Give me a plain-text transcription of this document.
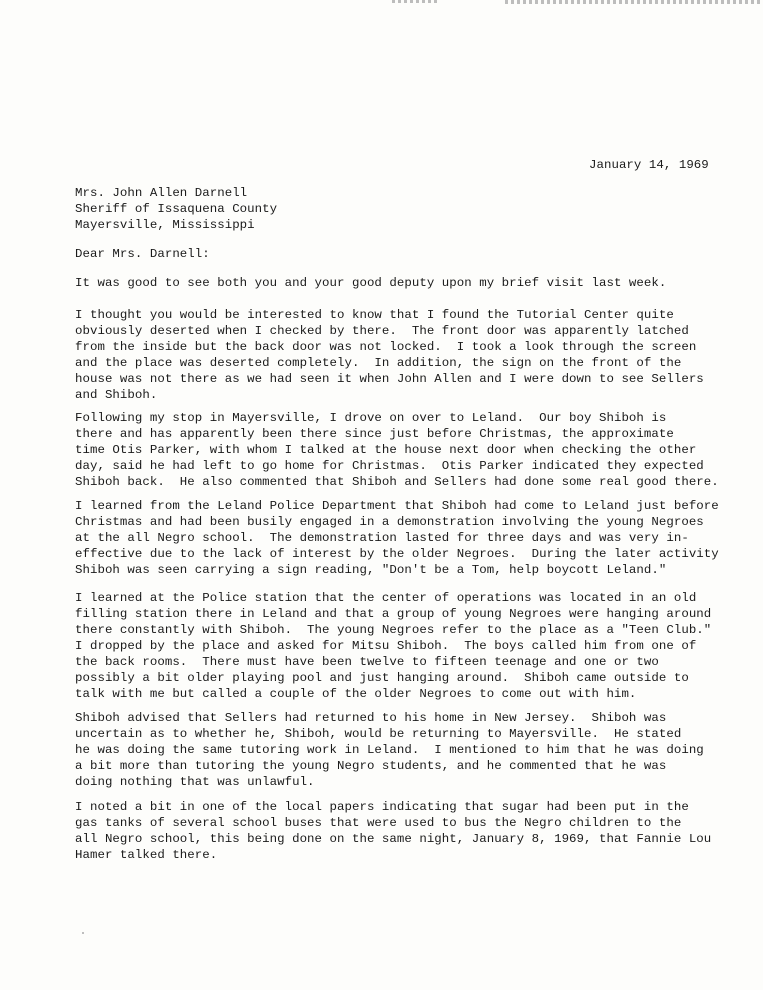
January 14, 1969
Mrs. John Allen Darnell
Sheriff of Issaquena County
Mayersville, Mississippi
Dear Mrs. Darnell:
It was good to see both you and your good deputy upon my brief visit last week.
I thought you would be interested to know that I found the Tutorial Center quite
obviously deserted when I checked by there.  The front door was apparently latched
from the inside but the back door was not locked.  I took a look through the screen
and the place was deserted completely.  In addition, the sign on the front of the
house was not there as we had seen it when John Allen and I were down to see Sellers
and Shiboh.
Following my stop in Mayersville, I drove on over to Leland.  Our boy Shiboh is
there and has apparently been there since just before Christmas, the approximate
time Otis Parker, with whom I talked at the house next door when checking the other
day, said he had left to go home for Christmas.  Otis Parker indicated they expected
Shiboh back.  He also commented that Shiboh and Sellers had done some real good there.
I learned from the Leland Police Department that Shiboh had come to Leland just before
Christmas and had been busily engaged in a demonstration involving the young Negroes
at the all Negro school.  The demonstration lasted for three days and was very in-
effective due to the lack of interest by the older Negroes.  During the later activity
Shiboh was seen carrying a sign reading, "Don't be a Tom, help boycott Leland."
I learned at the Police station that the center of operations was located in an old
filling station there in Leland and that a group of young Negroes were hanging around
there constantly with Shiboh.  The young Negroes refer to the place as a "Teen Club."
I dropped by the place and asked for Mitsu Shiboh.  The boys called him from one of
the back rooms.  There must have been twelve to fifteen teenage and one or two
possibly a bit older playing pool and just hanging around.  Shiboh came outside to
talk with me but called a couple of the older Negroes to come out with him.
Shiboh advised that Sellers had returned to his home in New Jersey.  Shiboh was
uncertain as to whether he, Shiboh, would be returning to Mayersville.  He stated
he was doing the same tutoring work in Leland.  I mentioned to him that he was doing
a bit more than tutoring the young Negro students, and he commented that he was
doing nothing that was unlawful.
I noted a bit in one of the local papers indicating that sugar had been put in the
gas tanks of several school buses that were used to bus the Negro children to the
all Negro school, this being done on the same night, January 8, 1969, that Fannie Lou
Hamer talked there.
